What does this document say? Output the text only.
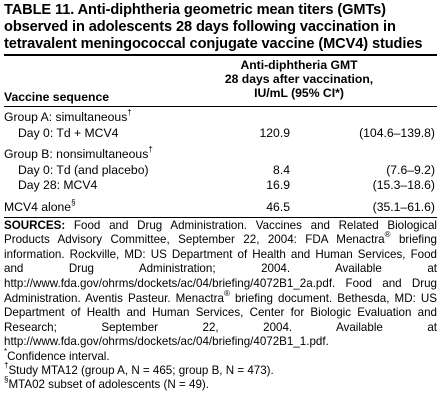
TABLE 11. Anti-diphtheria geometric mean titers (GMTs) observed in adolescents 28 days following vaccination in tetravalent meningococcal conjugate vaccine (MCV4) studies
Anti-diphtheria GMT
28 days after vaccination,
IU/mL (95% CI*)
Vaccine sequence
Group A: simultaneous†
Day 0: Td + MCV4	120.9	(104.6–139.8)
Group B: nonsimultaneous†
Day 0: Td (and placebo)	8.4	(7.6–9.2)
Day 28: MCV4	16.9	(15.3–18.6)
MCV4 alone§	46.5	(35.1–61.6)
SOURCES: Food and Drug Administration. Vaccines and Related Biological Products Advisory Committee, September 22, 2004: FDA Menactra® briefing information. Rockville, MD: US Department of Health and Human Services, Food and Drug Administration; 2004. Available at http://www.fda.gov/ohrms/dockets/ac/04/briefing/4072B1_2a.pdf. Food and Drug Administration. Aventis Pasteur. Menactra® briefing document. Bethesda, MD: US Department of Health and Human Services, Center for Biologic Evaluation and Research; September 22, 2004. Available at http://www.fda.gov/ohrms/dockets/ac/04/briefing/4072B1_1.pdf.
*Confidence interval.
†Study MTA12 (group A, N = 465; group B, N = 473).
§MTA02 subset of adolescents (N = 49).
